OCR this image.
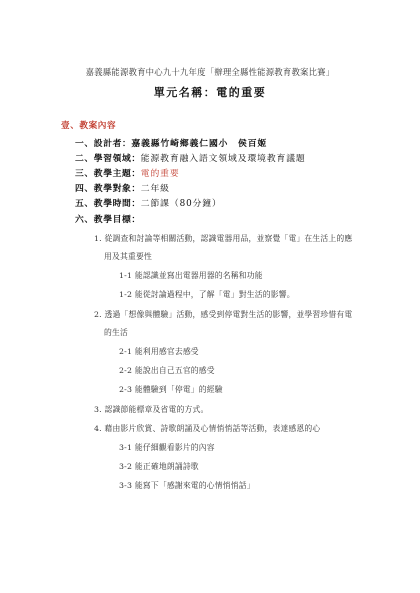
嘉義縣能源教育中心九十九年度「辦理全縣性能源教育教案比賽」
單元名稱：電的重要
壹、教案內容
一、設計者：嘉義縣竹崎鄉義仁國小　侯百姬
二、學習領域：能源教育融入語文領域及環境教育議題
三、教學主題：電的重要
四、教學對象：二年級
五、教學時間：二節課（80分鐘）
六、教學目標：
1. 從調查和討論等相關活動，認識電器用品，並察覺「電」在生活上的應
用及其重要性
1-1 能認識並寫出電器用器的名稱和功能
1-2 能從討論過程中，了解「電」對生活的影響。
2. 透過「想像與體驗」活動，感受到停電對生活的影響，並學習珍惜有電
的生活
2-1 能利用感官去感受
2-2 能說出自己五官的感受
2-3 能體驗到「停電」的經驗
3. 認識節能標章及省電的方式。
4. 藉由影片欣賞、詩歌朗誦及心情悄悄話等活動，表達感恩的心
3-1 能仔細觀看影片的內容
3-2 能正確地朗誦詩歌
3-3 能寫下「感謝來電的心情悄悄話」
